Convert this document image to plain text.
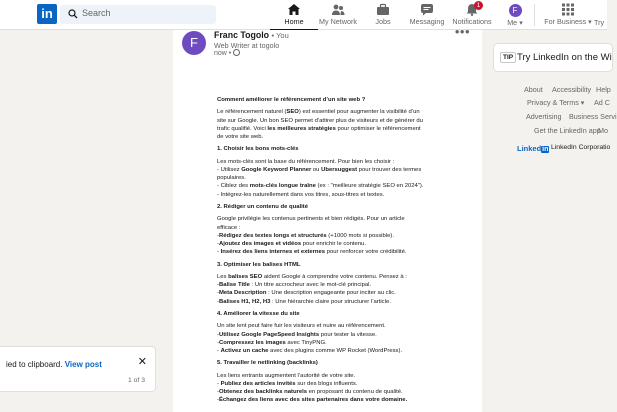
in	Search
Home	My Network	Jobs	Messaging
1
Notifications
F
Me ▾	For Business ▾ Try
F	Franc Togolo • You
Web Writer at togolo
now •
•••

Comment améliorer le référencement d’un site web ?

Le référencement naturel (SEO) est essentiel pour augmenter la visibilité d’un site sur Google. Un bon SEO permet d’attirer plus de visiteurs et de générer du trafic qualifié. Voici les meilleures stratégies pour optimiser le référencement de votre site web.

1. Choisir les bons mots-clés

Les mots-clés sont la base du référencement. Pour bien les choisir :
- Utilisez Google Keyword Planner ou Ubersuggest pour trouver des termes populaires.
- Ciblez des mots-clés longue traîne (ex : "meilleure stratégie SEO en 2024").
- Intégrez-les naturellement dans vos titres, sous-titres et textes.

2. Rédiger un contenu de qualité

Google privilégie les contenus pertinents et bien rédigés. Pour un article efficace :
-Rédigez des textes longs et structurés (+1000 mots si possible).
-Ajoutez des images et vidéos pour enrichir le contenu.
- Insérez des liens internes et externes pour renforcer votre crédibilité.

3. Optimiser les balises HTML

Les balises SEO aident Google à comprendre votre contenu. Pensez à :
-Balise Title : Un titre accrocheur avec le mot-clé principal.
-Meta Description : Une description engageante pour inciter au clic.
-Balises H1, H2, H3 : Une hiérarchie claire pour structurer l’article.

4. Améliorer la vitesse du site

Un site lent peut faire fuir les visiteurs et nuire au référencement.
-Utilisez Google PageSpeed Insights pour tester la vitesse.
-Compressez les images avec TinyPNG.
- Activez un cache avec des plugins comme WP Rocket (WordPress).

5. Travailler le netlinking (backlinks)

Les liens entrants augmentent l’autorité de votre site.
- Publiez des articles invités sur des blogs influents.
-Obtenez des backlinks naturels en proposant du contenu de qualité.
-Échangez des liens avec des sites partenaires dans votre domaine.

ied to clipboard. View post	✕
1 of 3
TIP Try LinkedIn on the Wi
About Accessibility Help
Privacy & Terms ▾ Ad C
Advertising Business Servi
Get the LinkedIn app
Mo
Linkedin LinkedIn Corporatio
